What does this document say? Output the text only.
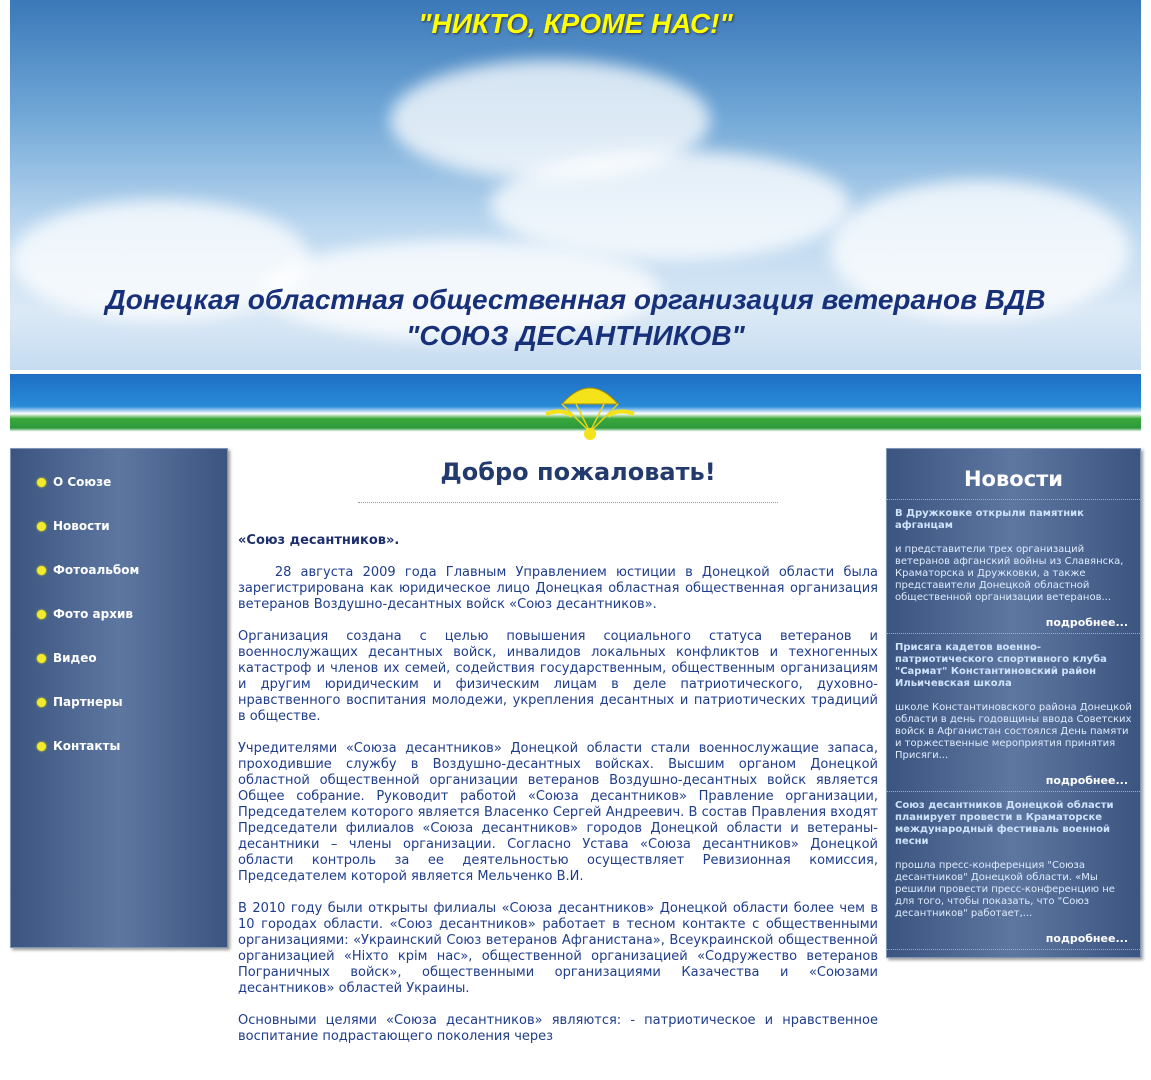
"НИКТО, КРОМЕ НАС!"
Донецкая областная общественная организация ветеранов ВДВ
"СОЮЗ ДЕСАНТНИКОВ"
О Союзе
Новости
Фотоальбом
Фото архив
Видео
Партнеры
Контакты
Добро пожаловать!

«Союз десантников».

28 августа 2009 года Главным Управлением юстиции в Донецкой области была зарегистрирована как юридическое лицо Донецкая областная общественная организация ветеранов Воздушно-десантных войск «Союз десантников».

Организация создана с целью повышения социального статуса ветеранов и военнослужащих десантных войск, инвалидов локальных конфликтов и техногенных катастроф и членов их семей, содействия государственным, общественным организациям и другим юридическим и физическим лицам в деле патриотического, духовно-нравственного воспитания молодежи, укрепления десантных и патриотических традиций в обществе.

Учредителями «Союза десантников» Донецкой области стали военнослужащие запаса, проходившие службу в Воздушно-десантных войсках. Высшим органом Донецкой областной общественной организации ветеранов Воздушно-десантных войск является Общее собрание. Руководит работой «Союза десантников» Правление организации, Председателем которого является Власенко Сергей Андреевич. В состав Правления входят Председатели филиалов «Союза десантников» городов Донецкой области и ветераны-десантники – члены организации. Согласно Устава «Союза десантников» Донецкой области контроль за ее деятельностью осуществляет Ревизионная комиссия, Председателем которой является Мельченко В.И.

В 2010 году были открыты филиалы «Союза десантников» Донецкой области более чем в 10 городах области. «Союз десантников» работает в тесном контакте с общественными организациями: «Украинский Союз ветеранов Афганистана», Всеукраинской общественной организацией «Ніхто крім нас», общественной организацией «Содружество ветеранов Пограничных войск», общественными организациями Казачества и «Союзами десантников» областей Украины.

Основными целями «Союза десантников» являются: - патриотическое и нравственное воспитание подрастающего поколения через

Новости
В Дружковке открыли памятник афганцам
и представители трех организаций ветеранов афганский войны из Славянска, Краматорска и Дружковки, а также представители Донецкой областной общественной организации ветеранов...
подробнее...
Присяга кадетов военно-патриотического спортивного клуба "Сармат" Константиновский район Ильичевская школа
школе Константиновского района Донецкой области в день годовщины ввода Советских войск в Афганистан состоялся День памяти и торжественные мероприятия принятия Присяги...
подробнее...
Союз десантников Донецкой области планирует провести в Краматорске международный фестиваль военной песни
прошла пресс-конференция "Союза десантников" Донецкой области. «Мы решили провести пресс-конференцию не для того, чтобы показать, что "Союз десантников" работает,...
подробнее...
